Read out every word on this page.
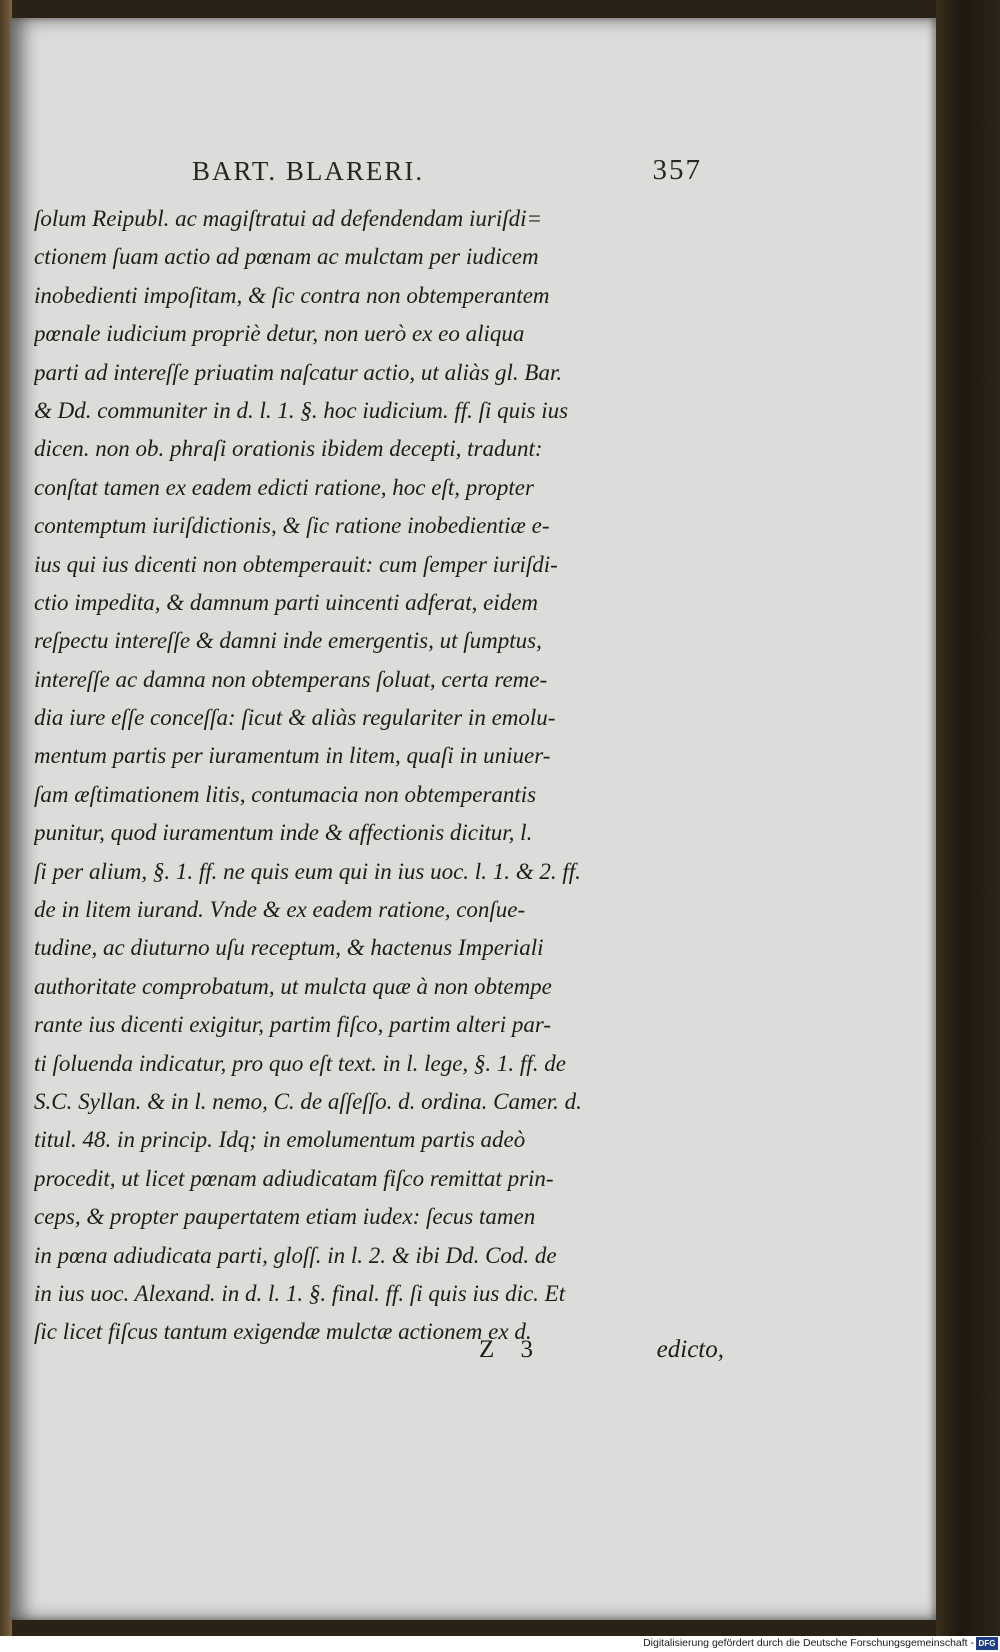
BART. BLARERI.	357
ſolum Reipubl. ac magiſtratui ad defendendam iuriſdi=
ctionem ſuam actio ad pœnam ac mulctam per iudicem
inobedienti impoſitam, & ſic contra non obtemperantem
pœnale iudicium propriè detur, non uerò ex eo aliqua
parti ad intereſſe priuatim naſcatur actio, ut aliàs gl. Bar.
& Dd. communiter in d. l. 1. §. hoc iudicium. ff. ſi quis ius
dicen. non ob. phraſi orationis ibidem decepti, tradunt:
conſtat tamen ex eadem edicti ratione, hoc eſt, propter
contemptum iuriſdictionis, & ſic ratione inobedientiæ e-
ius qui ius dicenti non obtemperauit: cum ſemper iuriſdi-
ctio impedita, & damnum parti uincenti adferat, eidem
reſpectu intereſſe & damni inde emergentis, ut ſumptus,
intereſſe ac damna non obtemperans ſoluat, certa reme-
dia iure eſſe conceſſa: ſicut & aliàs regulariter in emolu-
mentum partis per iuramentum in litem, quaſi in uniuer-
ſam æſtimationem litis, contumacia non obtemperantis
punitur, quod iuramentum inde & affectionis dicitur, l.
ſi per alium, §. 1. ff. ne quis eum qui in ius uoc. l. 1. & 2. ff.
de in litem iurand. Vnde & ex eadem ratione, conſue-
tudine, ac diuturno uſu receptum, & hactenus Imperiali
authoritate comprobatum, ut mulcta quæ à non obtempe
rante ius dicenti exigitur, partim fiſco, partim alteri par-
ti ſoluenda indicatur, pro quo eſt text. in l. lege, §. 1. ff. de
S.C. Syllan. & in l. nemo, C. de aſſeſſo. d. ordina. Camer. d.
titul. 48. in princip. Idq; in emolumentum partis adeò
procedit, ut licet pœnam adiudicatam fiſco remittat prin-
ceps, & propter paupertatem etiam iudex: ſecus tamen
in pœna adiudicata parti, gloſſ. in l. 2. & ibi Dd. Cod. de
in ius uoc. Alexand. in d. l. 1. §. final. ff. ſi quis ius dic. Et
ſic licet fiſcus tantum exigendæ mulctæ actionem ex d.
Z 3	edicto,
Digitalisierung gefördert durch die Deutsche Forschungsgemeinschaft - DFG
